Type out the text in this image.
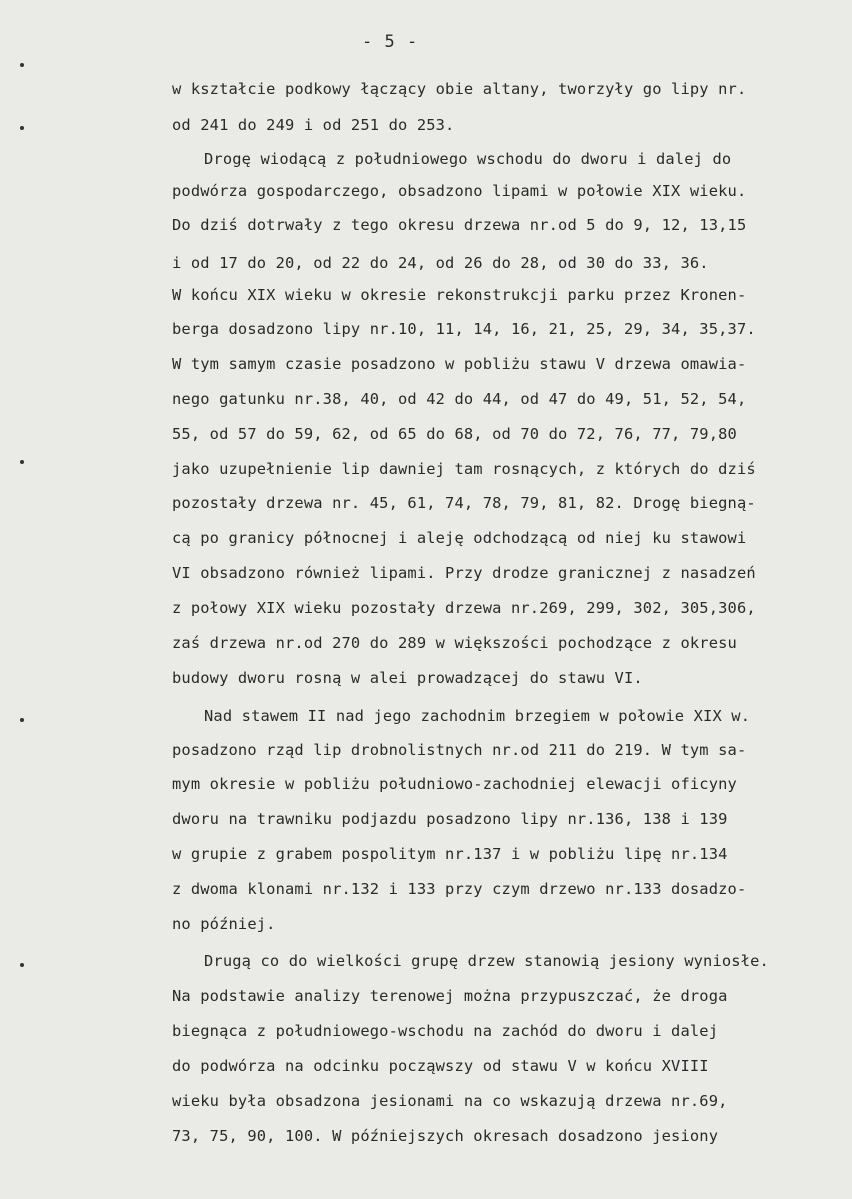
- 5 -
w kształcie podkowy łączący obie altany, tworzyły go lipy nr.
od 241 do 249 i od 251 do 253.
Drogę wiodącą z południowego wschodu do dworu i dalej do
podwórza gospodarczego, obsadzono lipami w połowie XIX wieku.
Do dziś dotrwały z tego okresu drzewa nr.od 5 do 9, 12, 13,15
i od 17 do 20, od 22 do 24, od 26 do 28, od 30 do 33, 36.
W końcu XIX wieku w okresie rekonstrukcji parku przez Kronen-
berga dosadzono lipy nr.10, 11, 14, 16, 21, 25, 29, 34, 35,37.
W tym samym czasie posadzono w pobliżu stawu V drzewa omawia-
nego gatunku nr.38, 40, od 42 do 44, od 47 do 49, 51, 52, 54,
55, od 57 do 59, 62, od 65 do 68, od 70 do 72, 76, 77, 79,80
jako uzupełnienie lip dawniej tam rosnących, z których do dziś
pozostały drzewa nr. 45, 61, 74, 78, 79, 81, 82. Drogę biegną-
cą po granicy północnej i aleję odchodzącą od niej ku stawowi
VI obsadzono również lipami. Przy drodze granicznej z nasadzeń
z połowy XIX wieku pozostały drzewa nr.269, 299, 302, 305,306,
zaś drzewa nr.od 270 do 289 w większości pochodzące z okresu
budowy dworu rosną w alei prowadzącej do stawu VI.
Nad stawem II nad jego zachodnim brzegiem w połowie XIX w.
posadzono rząd lip drobnolistnych nr.od 211 do 219. W tym sa-
mym okresie w pobliżu południowo-zachodniej elewacji oficyny
dworu na trawniku podjazdu posadzono lipy nr.136, 138 i 139
w grupie z grabem pospolitym nr.137 i w pobliżu lipę nr.134
z dwoma klonami nr.132 i 133 przy czym drzewo nr.133 dosadzo-
no później.
Drugą co do wielkości grupę drzew stanowią jesiony wyniosłe.
Na podstawie analizy terenowej można przypuszczać, że droga
biegnąca z południowego-wschodu na zachód do dworu i dalej
do podwórza na odcinku począwszy od stawu V w końcu XVIII
wieku była obsadzona jesionami na co wskazują drzewa nr.69,
73, 75, 90, 100. W późniejszych okresach dosadzono jesiony
